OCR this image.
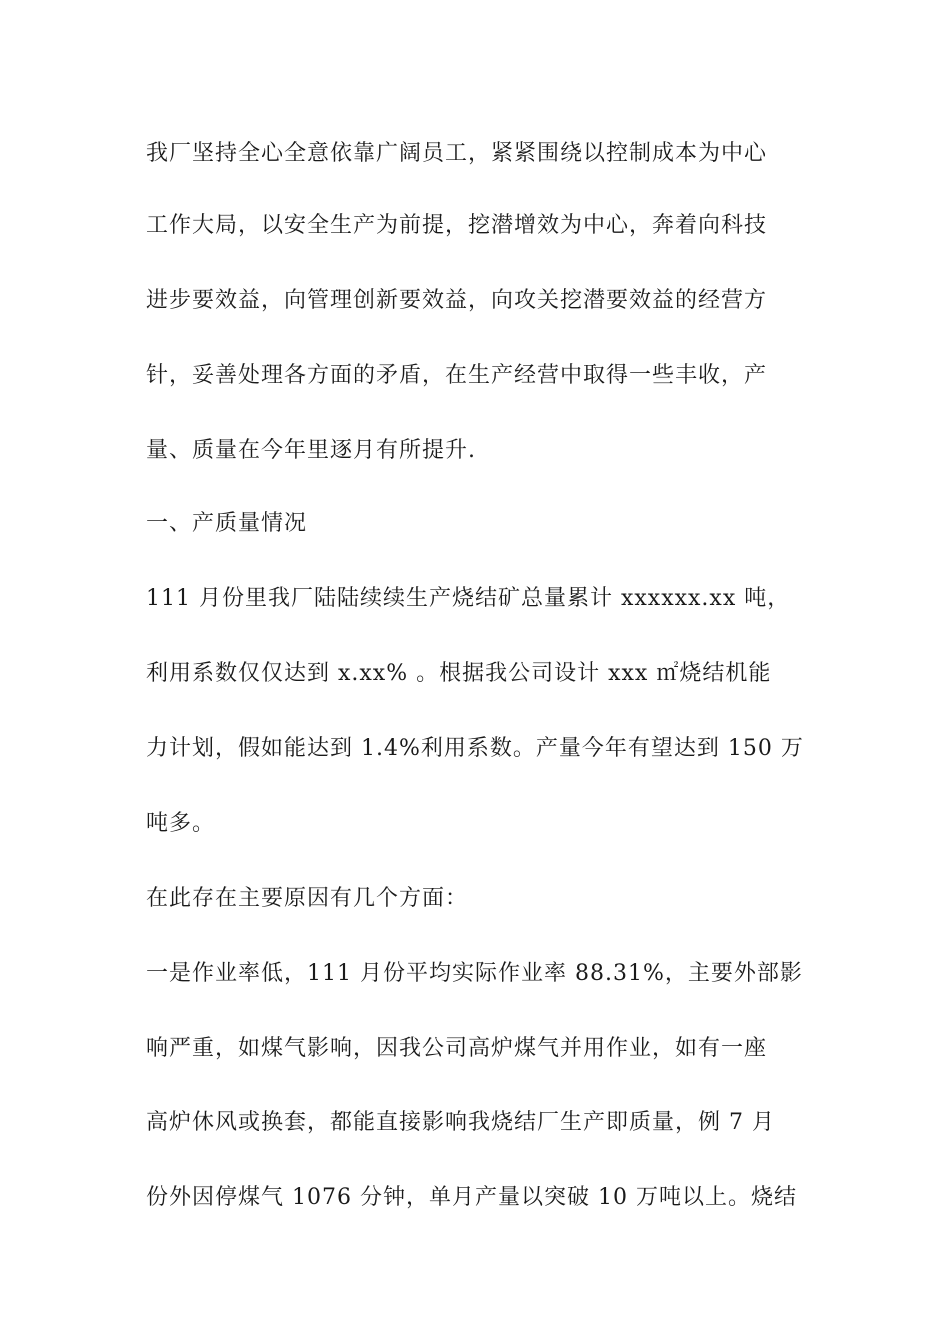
我厂坚持全心全意依靠广阔员工，紧紧围绕以控制成本为中心

工作大局，以安全生产为前提，挖潜增效为中心，奔着向科技

进步要效益，向管理创新要效益，向攻关挖潜要效益的经营方

针，妥善处理各方面的矛盾，在生产经营中取得一些丰收，产

量、质量在今年里逐月有所提升.

一、产质量情况

111 月份里我厂陆陆续续生产烧结矿总量累计 xxxxxx.xx 吨，

利用系数仅仅达到 x.xx% 。根据我公司设计 xxx ㎡烧结机能

力计划，假如能达到 1.4%利用系数。产量今年有望达到 150 万

吨多。

在此存在主要原因有几个方面：

一是作业率低，111 月份平均实际作业率 88.31%，主要外部影

响严重，如煤气影响，因我公司高炉煤气并用作业，如有一座

高炉休风或换套，都能直接影响我烧结厂生产即质量，例 7 月

份外因停煤气 1076 分钟，单月产量以突破 10 万吨以上。烧结
